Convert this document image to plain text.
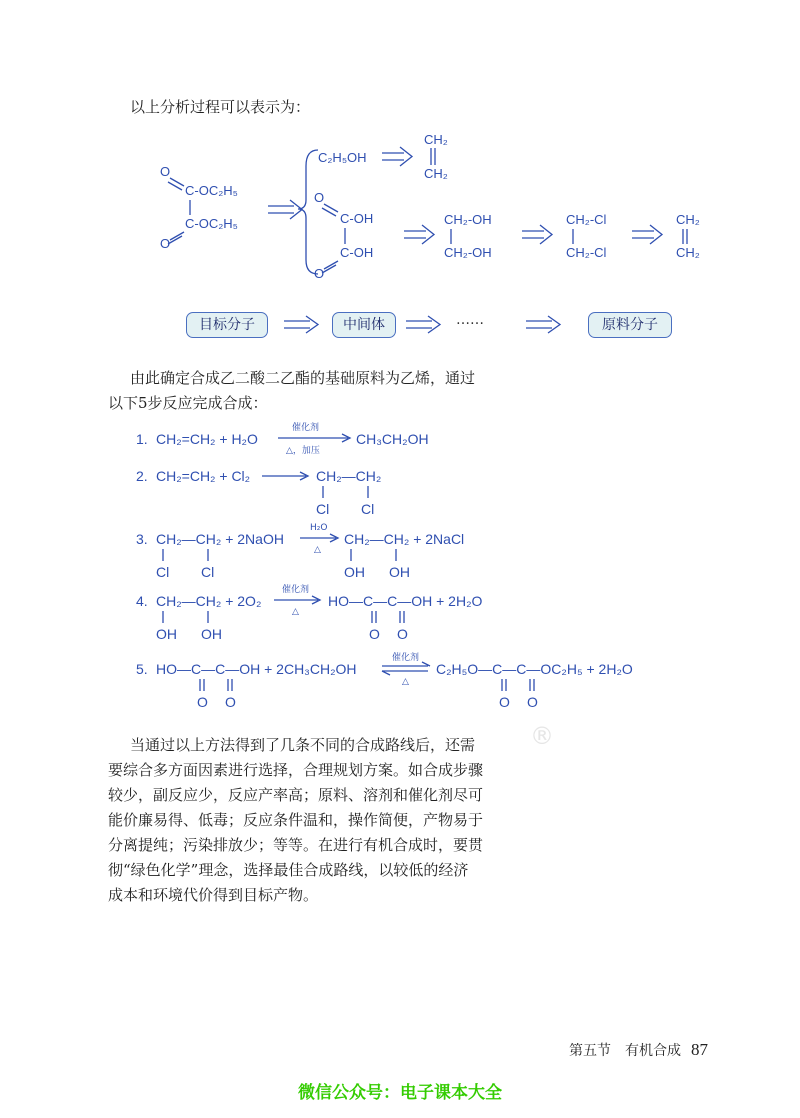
以上分析过程可以表示为：
O
C-OC₂H₅
C-OC₂H₅
O
C₂H₅OH
CH₂
CH₂
O
C-OH
C-OH
O
CH₂-OH
CH₂-OH
CH₂-Cl
CH₂-Cl
CH₂
CH₂
目标分子	中间体	……	原料分子
由此确定合成乙二酸二乙酯的基础原料为乙烯，通过
以下5步反应完成合成：
1. CH₂=CH₂ + H₂O
催化剂
△，加压
CH₃CH₂OH
2. CH₂=CH₂ + Cl₂	CH₂—CH₂
Cl Cl
3. CH₂—CH₂ + 2NaOH
Cl Cl
H₂O
△
CH₂—CH₂ + 2NaCl
OH OH
4. CH₂—CH₂ + 2O₂
OH OH
催化剂
△
HO—C—C—OH + 2H₂O
O O
5. HO—C—C—OH + 2CH₃CH₂OH
O O
催化剂
△
C₂H₅O—C—C—OC₂H₅ + 2H₂O
O O
当通过以上方法得到了几条不同的合成路线后，还需
要综合多方面因素进行选择，合理规划方案。如合成步骤
较少，副反应少，反应产率高；原料、溶剂和催化剂尽可
能价廉易得、低毒；反应条件温和，操作简便，产物易于
分离提纯；污染排放少；等等。在进行有机合成时，要贯
彻“绿色化学”理念，选择最佳合成路线，以较低的经济
成本和环境代价得到目标产物。
®
第五节　有机合成 87
微信公众号：电子课本大全
